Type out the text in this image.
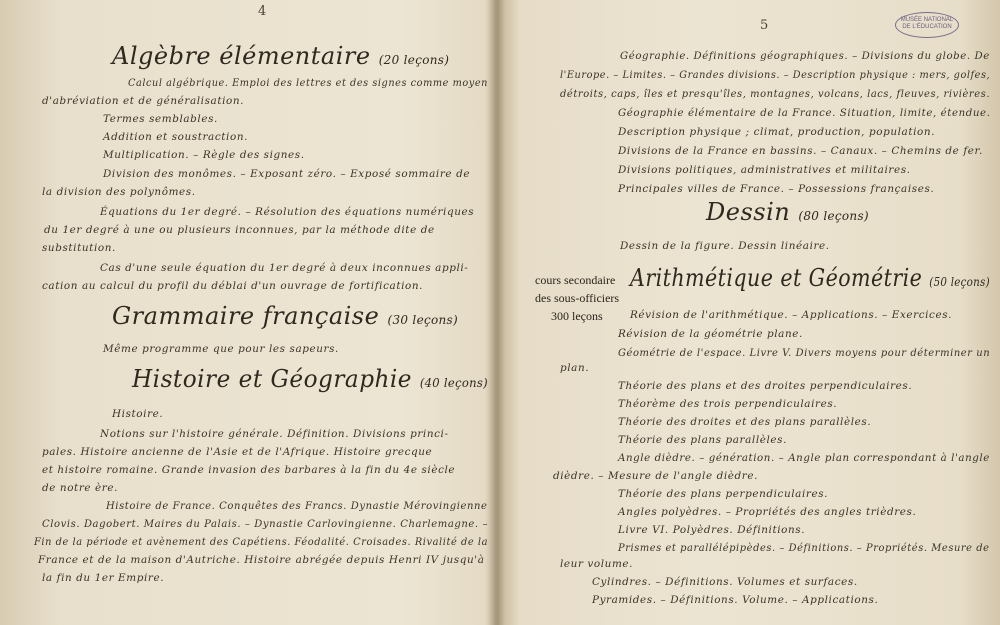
4
Algèbre élémentaire (20 leçons)
Calcul algébrique. Emploi des lettres et des signes comme moyen
d'abréviation et de généralisation.
Termes semblables.
Addition et soustraction.
Multiplication. – Règle des signes.
Division des monômes. – Exposant zéro. – Exposé sommaire de
la division des polynômes.
Équations du 1er degré. – Résolution des équations numériques
du 1er degré à une ou plusieurs inconnues, par la méthode dite de
substitution.
Cas d'une seule équation du 1er degré à deux inconnues appli-
cation au calcul du profil du déblai d'un ouvrage de fortification.
Grammaire française (30 leçons)
Même programme que pour les sapeurs.
Histoire et Géographie (40 leçons)
Histoire.
Notions sur l'histoire générale. Définition. Divisions princi-
pales. Histoire ancienne de l'Asie et de l'Afrique. Histoire grecque
et histoire romaine. Grande invasion des barbares à la fin du 4e siècle
de notre ère.
Histoire de France. Conquêtes des Francs. Dynastie Mérovingienne
Clovis. Dagobert. Maires du Palais. – Dynastie Carlovingienne. Charlemagne. –
Fin de la période et avènement des Capétiens. Féodalité. Croisades. Rivalité de la
France et de la maison d'Autriche. Histoire abrégée depuis Henri IV jusqu'à
la fin du 1er Empire.
MUSÉE NATIONAL
DE L'ÉDUCATION
5
Géographie. Définitions géographiques. – Divisions du globe. De
l'Europe. – Limites. – Grandes divisions. – Description physique : mers, golfes,
détroits, caps, îles et presqu'îles, montagnes, volcans, lacs, fleuves, rivières.
Géographie élémentaire de la France. Situation, limite, étendue.
Description physique ; climat, production, population.
Divisions de la France en bassins. – Canaux. – Chemins de fer.
Divisions politiques, administratives et militaires.
Principales villes de France. – Possessions françaises.
Dessin (80 leçons)
Dessin de la figure. Dessin linéaire.
cours secondaire
des sous-officiers
300 leçons
Arithmétique et Géométrie (50 leçons)
Révision de l'arithmétique. – Applications. – Exercices.
Révision de la géométrie plane.
Géométrie de l'espace. Livre V. Divers moyens pour déterminer un
plan.
Théorie des plans et des droites perpendiculaires.
Théorème des trois perpendiculaires.
Théorie des droites et des plans parallèles.
Théorie des plans parallèles.
Angle dièdre. – génération. – Angle plan correspondant à l'angle
dièdre. – Mesure de l'angle dièdre.
Théorie des plans perpendiculaires.
Angles polyèdres. – Propriétés des angles trièdres.
Livre VI. Polyèdres. Définitions.
Prismes et parallélépipèdes. – Définitions. – Propriétés. Mesure de
leur volume.
Cylindres. – Définitions. Volumes et surfaces.
Pyramides. – Définitions. Volume. – Applications.
